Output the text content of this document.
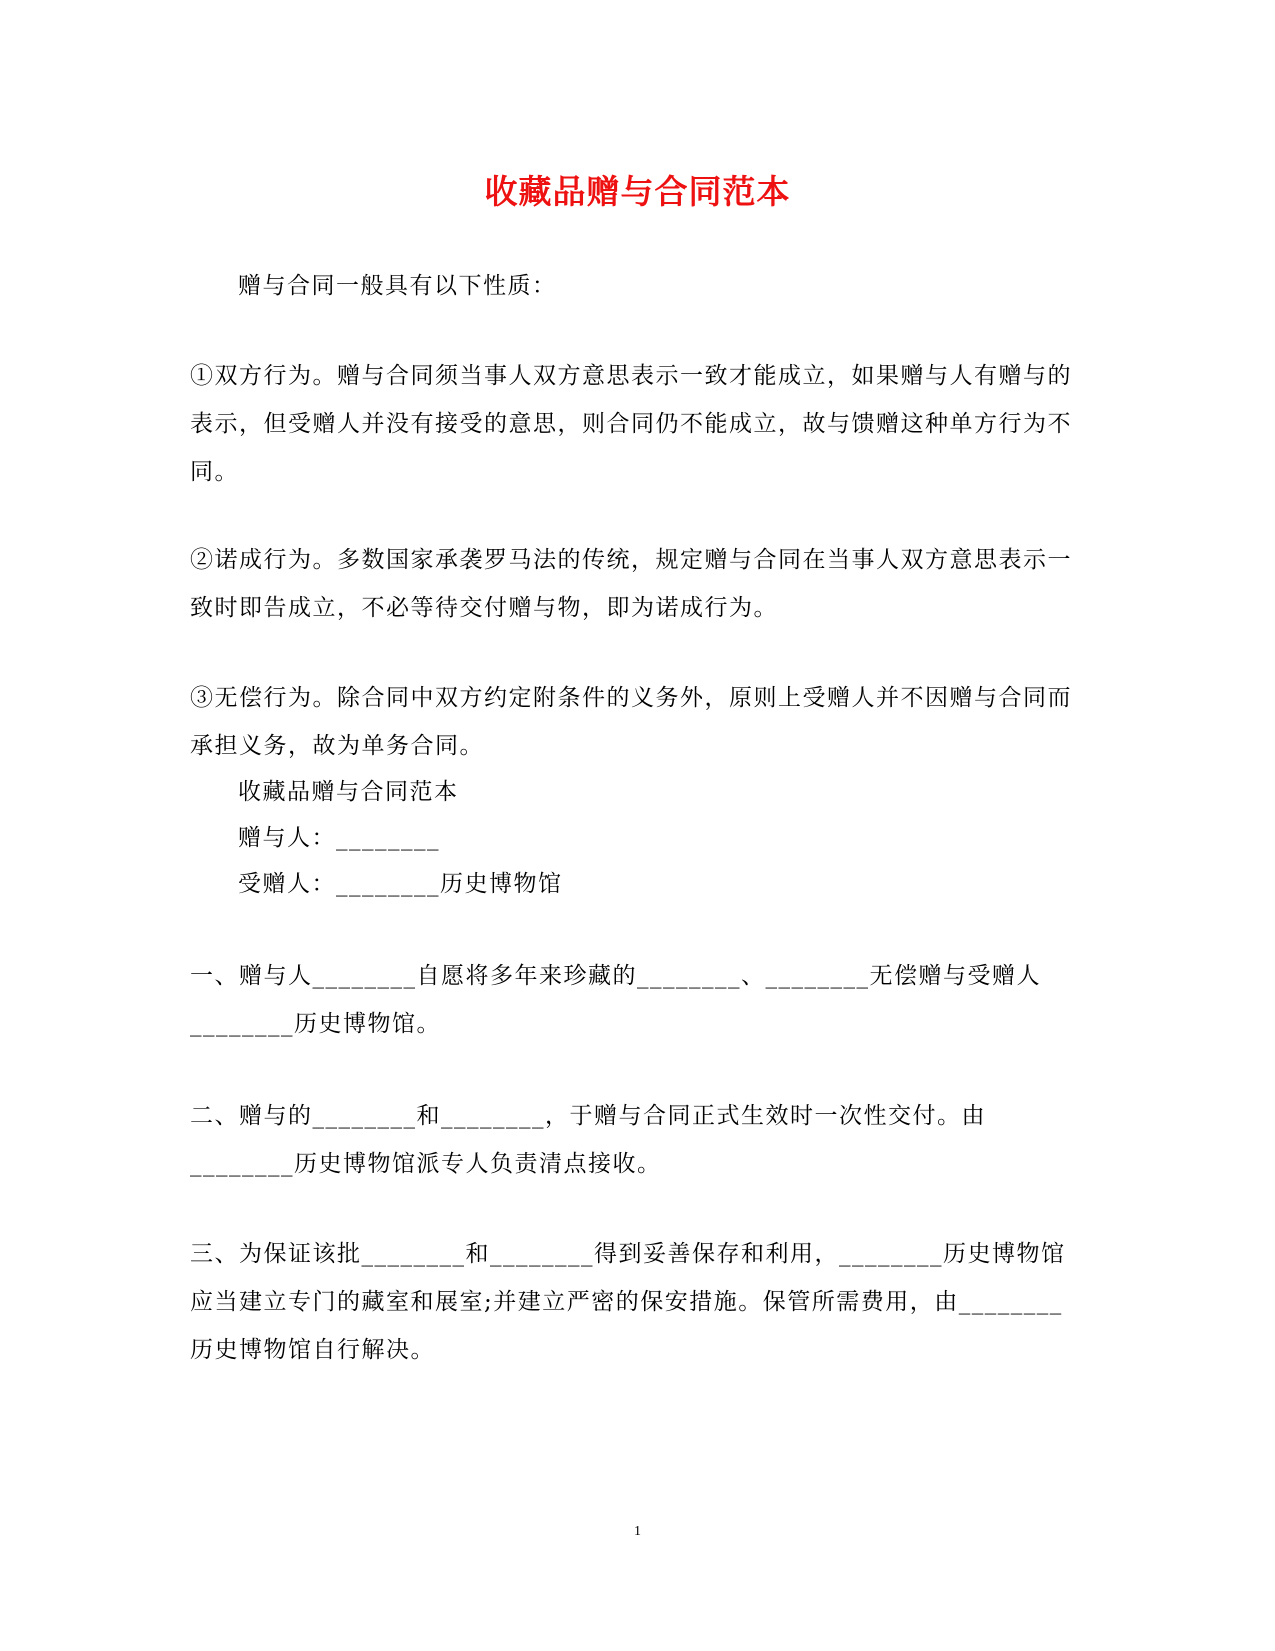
收藏品赠与合同范本
赠与合同一般具有以下性质：
①双方行为。赠与合同须当事人双方意思表示一致才能成立，如果赠与人有赠与的表示，但受赠人并没有接受的意思，则合同仍不能成立，故与馈赠这种单方行为不同。
②诺成行为。多数国家承袭罗马法的传统，规定赠与合同在当事人双方意思表示一致时即告成立，不必等待交付赠与物，即为诺成行为。
③无偿行为。除合同中双方约定附条件的义务外，原则上受赠人并不因赠与合同而承担义务，故为单务合同。
收藏品赠与合同范本
赠与人：________
受赠人：________历史博物馆
一、赠与人________自愿将多年来珍藏的________、________无偿赠与受赠人________历史博物馆。
二、赠与的________和________，于赠与合同正式生效时一次性交付。由________历史博物馆派专人负责清点接收。
三、为保证该批________和________得到妥善保存和利用，________历史博物馆应当建立专门的藏室和展室;并建立严密的保安措施。保管所需费用，由________历史博物馆自行解决。
1
